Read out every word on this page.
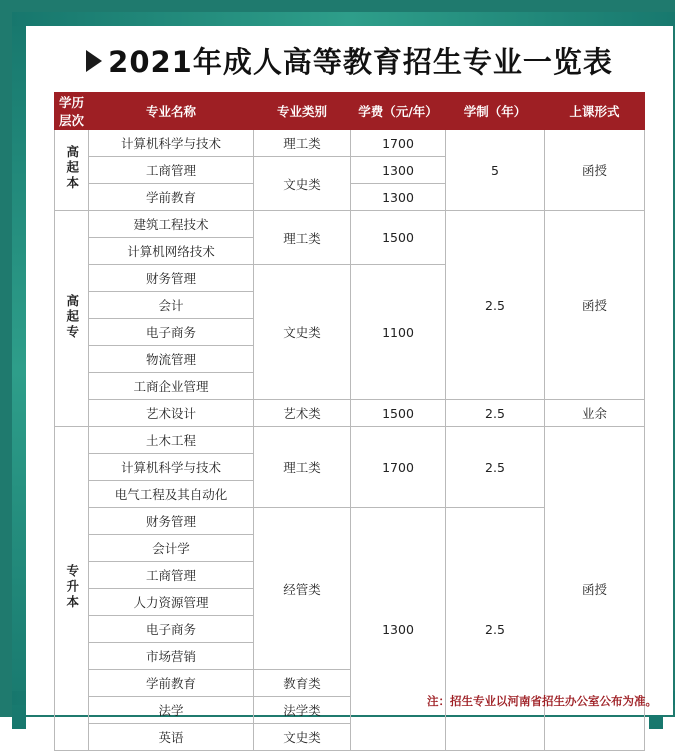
2021年成人高等教育招生专业一览表
学历层次	专业名称	专业类别	学费（元/年）	学制（年）	上课形式
高起本	计算机科学与技术	理工类	1700	5	函授
	工商管理	文史类	1300		
	学前教育		1300		
高起专	建筑工程技术	理工类	1500	2.5	函授
	计算机网络技术				
	财务管理	文史类	1100		
	会计				
	电子商务				
	物流管理				
	工商企业管理				
	艺术设计	艺术类	1500	2.5	业余
专升本	土木工程	理工类	1700	2.5	函授
	计算机科学与技术				
	电气工程及其自动化				
	财务管理	经管类	1300	2.5	
	会计学				
	工商管理				
	人力资源管理				
	电子商务				
	市场营销				
	学前教育	教育类			
	法学	法学类			
	英语	文史类			
注：招生专业以河南省招生办公室公布为准。
